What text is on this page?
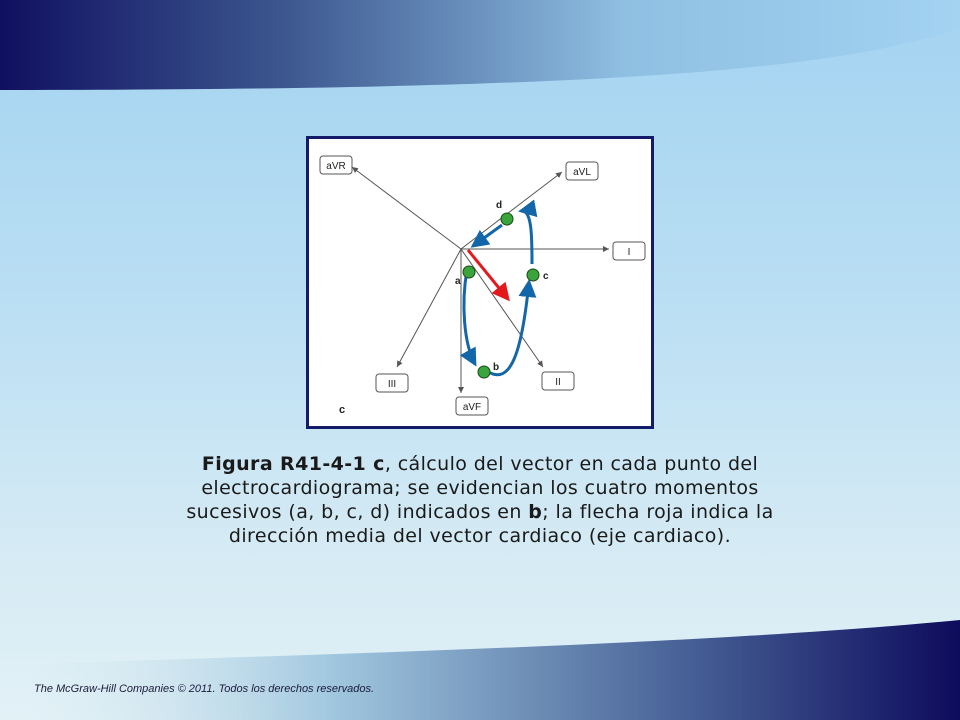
aVR
aVL
I
III
aVF
II
a
b
c
d
c
Figura R41-4-1 c, cálculo del vector en cada punto del electrocardiograma; se evidencian los cuatro momentos sucesivos (a, b, c, d) indicados en b; la flecha roja indica la dirección media del vector cardiaco (eje cardiaco).
The McGraw-Hill Companies © 2011. Todos los derechos reservados.
